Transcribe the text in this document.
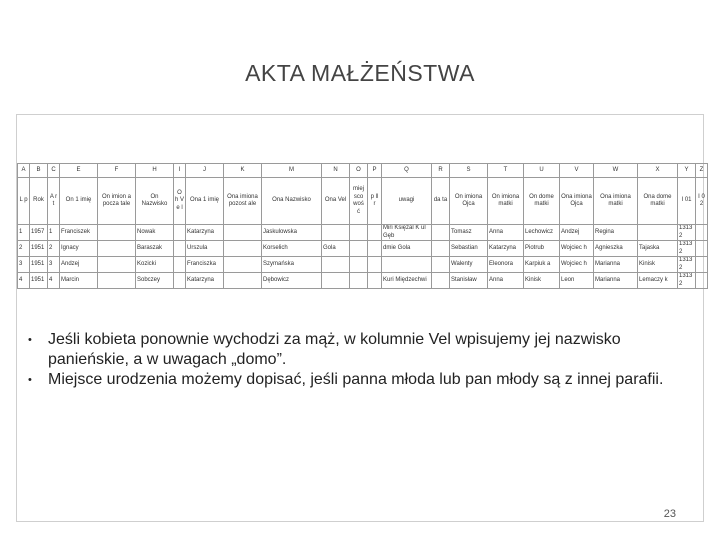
AKTA MAŁŻEŃSTWA
A	B	C	E	F	H	I	J	K	M	N	O	P	Q	R	S	T	U	V	W	X	Y	Z
L p	Rok	A r t	On 1 imię	On imion a pocza tale	On Nazwisko	O h V e l	Ona 1 imię	Ona imiona pozost ale	Ona Nazwisko	Ona Vel	miej sco woś ć	p ll r	uwagi	da ta	On imiona Ojca	On imiona matki	On dome matki	Ona imiona Ojca	Ona imiona matki	Ona dome matki	I 01	I 0 2
1	1957	1	Franciszek		Nowak		Katarzyna		Jaskulowska				Miri Księżal K ul Gęb		Tomasz	Anna	Lechowicz	Andzej	Regina		1313 2	
2	1951	2	Ignacy		Baraszak		Urszula		Korselich	Gola			dmie Gola		Sebastian	Katarzyna	Piotrub	Wojciec h	Agnieszka	Tajaska	1313 2	
3	1951	3	Andzej		Kozicki		Franciszka		Szymańska						Walenty	Eleonora	Karpiuk a	Wojciec h	Marianna	Kinisk	1313 2	
4	1951	4	Marcin		Sobczey		Katarzyna		Dębowicz				Kuri Międzechwi		Stanisław	Anna	Kinisk	Leon	Marianna	Lemaczy k	1313 2	
•	Jeśli kobieta ponownie wychodzi za mąż, w kolumnie Vel wpisujemy jej nazwisko panieńskie, a w uwagach „domo”.
•	Miejsce urodzenia możemy dopisać, jeśli panna młoda lub pan młody są z innej parafii.
23
